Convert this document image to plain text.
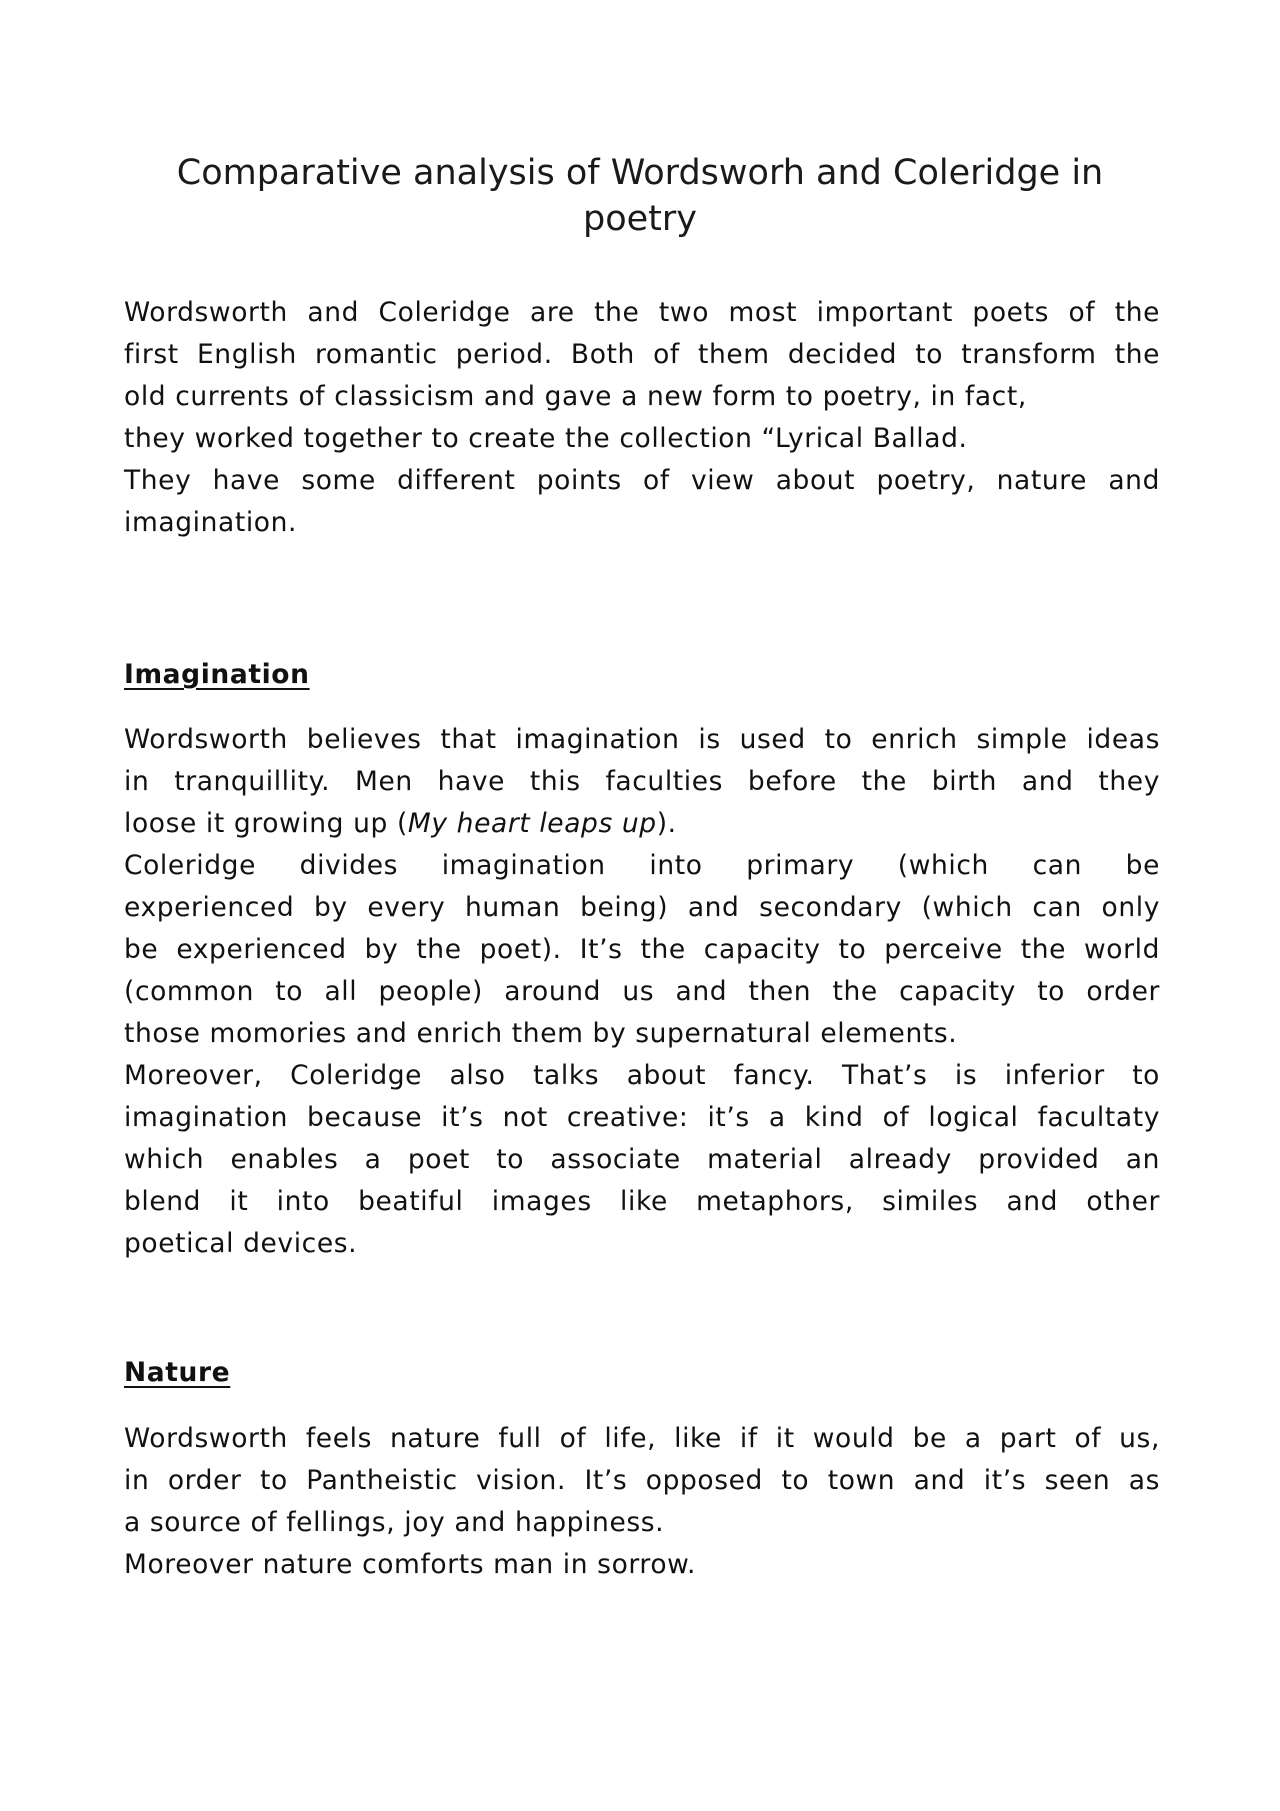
Comparative analysis of Wordsworh and Coleridge in
poetry
Wordsworth and Coleridge are the two most important poets of the
first English romantic period. Both of them decided to transform the
old currents of classicism and gave a new form to poetry, in fact,
they worked together to create the collection “Lyrical Ballad.
They have some different points of view about poetry, nature and
imagination.
Imagination
Wordsworth believes that imagination is used to enrich simple ideas
in tranquillity. Men have this faculties before the birth and they
loose it growing up (My heart leaps up).
Coleridge divides imagination into primary (which can be
experienced by every human being) and secondary (which can only
be experienced by the poet). It’s the capacity to perceive the world
(common to all people) around us and then the capacity to order
those momories and enrich them by supernatural elements.
Moreover, Coleridge also talks about fancy. That’s is inferior to
imagination because it’s not creative: it’s a kind of logical facultaty
which enables a poet to associate material already provided an
blend it into beatiful images like metaphors, similes and other
poetical devices.
Nature
Wordsworth feels nature full of life, like if it would be a part of us,
in order to Pantheistic vision. It’s opposed to town and it’s seen as
a source of fellings, joy and happiness.
Moreover nature comforts man in sorrow.
